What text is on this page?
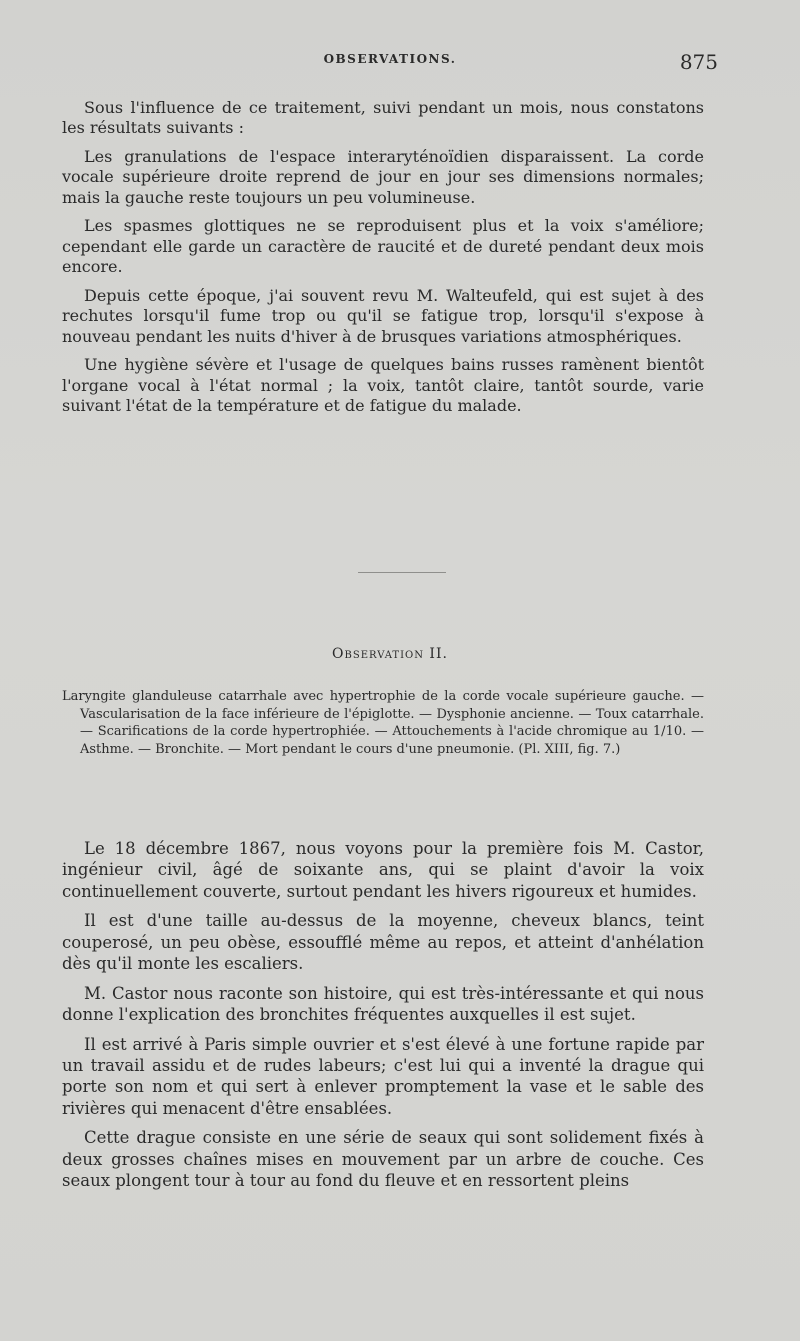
OBSERVATIONS.	875

Sous l'influence de ce traitement, suivi pendant un mois, nous constatons les résultats suivants :

Les granulations de l'espace interaryténoïdien disparaissent. La corde vocale supérieure droite reprend de jour en jour ses dimensions normales; mais la gauche reste toujours un peu volumineuse.

Les spasmes glottiques ne se reproduisent plus et la voix s'améliore; cependant elle garde un caractère de raucité et de dureté pendant deux mois encore.

Depuis cette époque, j'ai souvent revu M. Walteufeld, qui est sujet à des rechutes lorsqu'il fume trop ou qu'il se fatigue trop, lorsqu'il s'expose à nouveau pendant les nuits d'hiver à de brusques variations atmosphériques.

Une hygiène sévère et l'usage de quelques bains russes ramènent bientôt l'organe vocal à l'état normal ; la voix, tantôt claire, tantôt sourde, varie suivant l'état de la température et de fatigue du malade.

Observation II.
Laryngite glanduleuse catarrhale avec hypertrophie de la corde vocale supérieure gauche. — Vascularisation de la face inférieure de l'épiglotte. — Dysphonie ancienne. — Toux catarrhale. — Scarifications de la corde hypertrophiée. — Attouchements à l'acide chromique au 1/10. — Asthme. — Bronchite. — Mort pendant le cours d'une pneumonie. (Pl. XIII, fig. 7.)

Le 18 décembre 1867, nous voyons pour la première fois M. Castor, ingénieur civil, âgé de soixante ans, qui se plaint d'avoir la voix continuellement couverte, surtout pendant les hivers rigoureux et humides.

Il est d'une taille au-dessus de la moyenne, cheveux blancs, teint couperosé, un peu obèse, essoufflé même au repos, et atteint d'anhélation dès qu'il monte les escaliers.

M. Castor nous raconte son histoire, qui est très-intéressante et qui nous donne l'explication des bronchites fréquentes auxquelles il est sujet.

Il est arrivé à Paris simple ouvrier et s'est élevé à une fortune rapide par un travail assidu et de rudes labeurs; c'est lui qui a inventé la drague qui porte son nom et qui sert à enlever promptement la vase et le sable des rivières qui menacent d'être ensablées.

Cette drague consiste en une série de seaux qui sont solidement fixés à deux grosses chaînes mises en mouvement par un arbre de couche. Ces seaux plongent tour à tour au fond du fleuve et en ressortent pleins
